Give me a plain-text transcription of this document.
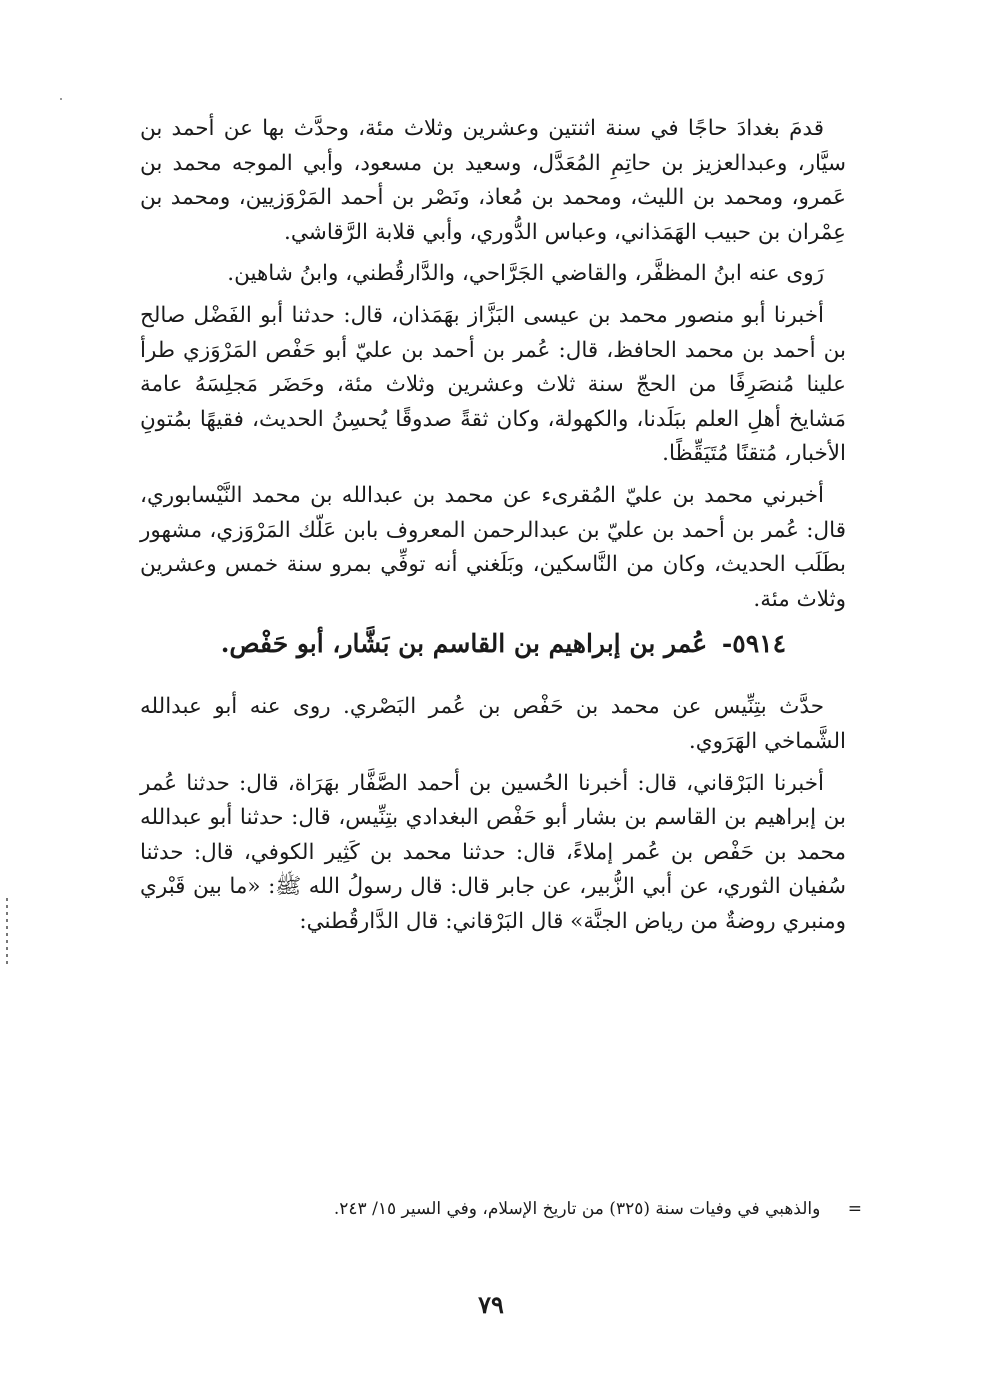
قدمَ بغدادَ حاجًا في سنة اثنتين وعشرين وثلاث مئة، وحدَّث بها عن أحمد بن سيَّار، وعبدالعزيز بن حاتِمِ المُعَدَّل، وسعيد بن مسعود، وأبي الموجه محمد بن عَمرو، ومحمد بن الليث، ومحمد بن مُعاذ، ونَصْر بن أحمد المَرْوَزيين، ومحمد بن عِمْران بن حبيب الهَمَذاني، وعباس الدُّوري، وأبي قلابة الرَّقاشي.

رَوى عنه ابنُ المظفَّر، والقاضي الجَرَّاحي، والدَّارقُطني، وابنُ شاهين.

أخبرنا أبو منصور محمد بن عيسى البَزَّاز بهَمَذان، قال: حدثنا أبو الفَضْل صالح بن أحمد بن محمد الحافظ، قال: عُمر بن أحمد بن عليّ أبو حَفْص المَرْوَزي طرأ علينا مُنصَرِفًا من الحجّ سنة ثلاث وعشرين وثلاث مئة، وحَضَر مَجلِسَهُ عامة مَشايخ أهلِ العلم ببَلَدنا، والكهولة، وكان ثقةً صدوقًا يُحسِنُ الحديث، فقيهًا بمُتونِ الأخبار، مُتقنًا مُتَيَقِّظًا.

أخبرني محمد بن عليّ المُقرىء عن محمد بن عبدالله بن محمد النَّيْسابوري، قال: عُمر بن أحمد بن عليّ بن عبدالرحمن المعروف بابن عَلّك المَرْوَزي، مشهور بطَلَب الحديث، وكان من النَّاسكين، وبَلَغني أنه توفِّي بمرو سنة خمس وعشرين وثلاث مئة.

٥٩١٤- عُمر بن إبراهيم بن القاسم بن بَشَّار، أبو حَفْص.

حدَّث بتِنِّيس عن محمد بن حَفْص بن عُمر البَصْري. روى عنه أبو عبدالله الشَّماخي الهَرَوي.

أخبرنا البَرْقاني، قال: أخبرنا الحُسين بن أحمد الصَّفَّار بهَرَاة، قال: حدثنا عُمر بن إبراهيم بن القاسم بن بشار أبو حَفْص البغدادي بتِنِّيس، قال: حدثنا أبو عبدالله محمد بن حَفْص بن عُمر إملاءً، قال: حدثنا محمد بن كَثِير الكوفي، قال: حدثنا سُفيان الثوري، عن أبي الزُّبير، عن جابر قال: قال رسولُ الله ﷺ: «ما بين قَبْري ومنبري روضةٌ من رياض الجنَّة» قال البَرْقاني: قال الدَّارقُطني:

= والذهبي في وفيات سنة (٣٢٥) من تاريخ الإسلام، وفي السير ١٥/ ٢٤٣.
٧٩
